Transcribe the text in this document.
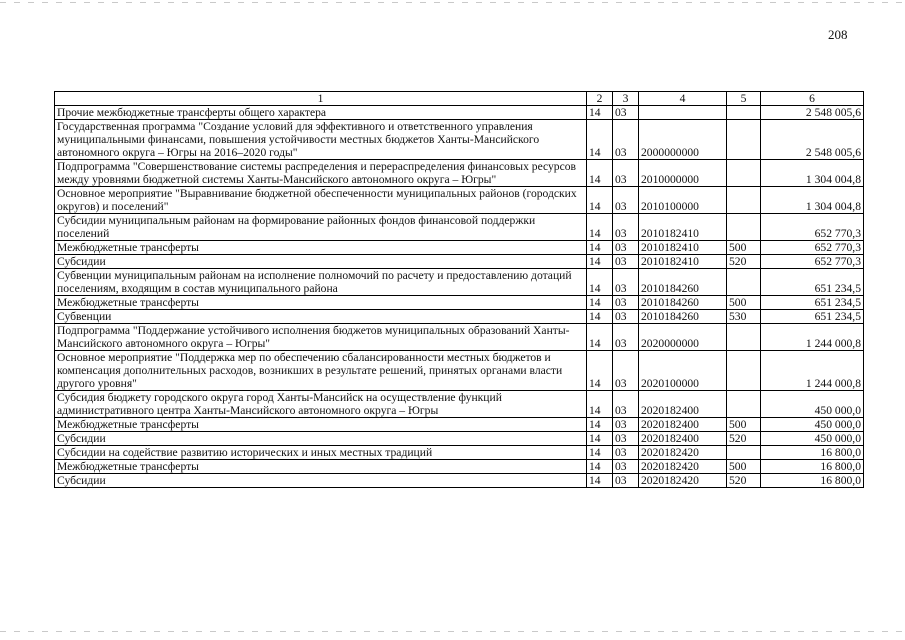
208
1	2	3	4	5	6
Прочие межбюджетные трансферты общего характера	14	03			2 548 005,6
Государственная программа "Создание условий для эффективного и ответственного управления муниципальными финансами, повышения устойчивости местных бюджетов Ханты-Мансийского автономного округа – Югры на 2016–2020 годы"	14	03	2000000000		2 548 005,6
Подпрограмма "Совершенствование системы распределения и перераспределения финансовых ресурсов между уровнями бюджетной системы Ханты-Мансийского автономного округа – Югры"	14	03	2010000000		1 304 004,8
Основное мероприятие "Выравнивание бюджетной обеспеченности муниципальных районов (городских округов) и поселений"	14	03	2010100000		1 304 004,8
Субсидии муниципальным районам на формирование районных фондов финансовой поддержки поселений	14	03	2010182410		652 770,3
Межбюджетные трансферты	14	03	2010182410	500	652 770,3
Субсидии	14	03	2010182410	520	652 770,3
Субвенции муниципальным районам на исполнение полномочий по расчету и предоставлению дотаций поселениям, входящим в состав муниципального района	14	03	2010184260		651 234,5
Межбюджетные трансферты	14	03	2010184260	500	651 234,5
Субвенции	14	03	2010184260	530	651 234,5
Подпрограмма "Поддержание устойчивого исполнения бюджетов муниципальных образований Ханты-Мансийского автономного округа – Югры"	14	03	2020000000		1 244 000,8
Основное мероприятие "Поддержка мер по обеспечению сбалансированности местных бюджетов и компенсация дополнительных расходов, возникших в результате решений, принятых органами власти другого уровня"	14	03	2020100000		1 244 000,8
Субсидия бюджету городского округа город Ханты-Мансийск на осуществление функций административного центра Ханты-Мансийского автономного округа – Югры	14	03	2020182400		450 000,0
Межбюджетные трансферты	14	03	2020182400	500	450 000,0
Субсидии	14	03	2020182400	520	450 000,0
Субсидии на содействие развитию исторических и иных местных традиций	14	03	2020182420		16 800,0
Межбюджетные трансферты	14	03	2020182420	500	16 800,0
Субсидии	14	03	2020182420	520	16 800,0
